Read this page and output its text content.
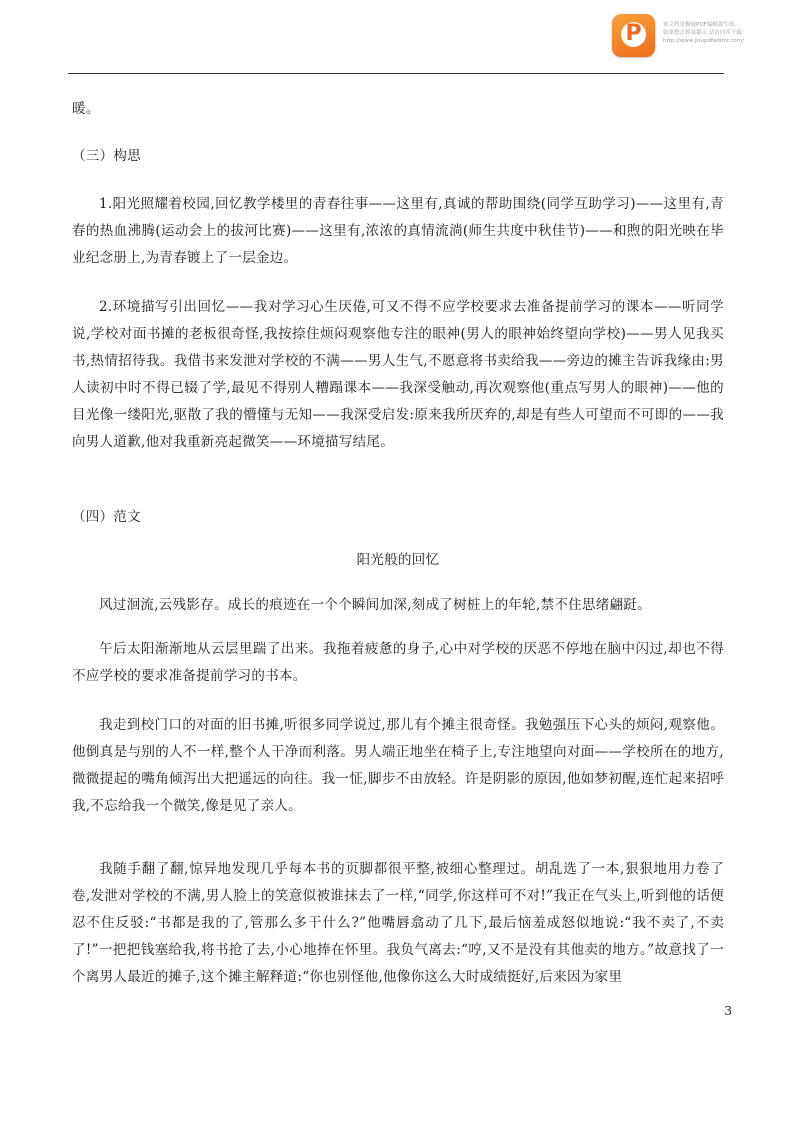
P	该文档是极速PDF编辑器生成,
如果想去掉该提示,请访问并下载:
http://www.jisupdfeditor.com/

暖。

（三）构思

1.阳光照耀着校园,回忆教学楼里的青春往事——这里有,真诚的帮助围绕(同学互助学习)——这里有,青春的热血沸腾(运动会上的拔河比赛)——这里有,浓浓的真情流淌(师生共度中秋佳节)——和煦的阳光映在毕业纪念册上,为青春镀上了一层金边。

2.环境描写引出回忆——我对学习心生厌倦,可又不得不应学校要求去准备提前学习的课本——听同学说,学校对面书摊的老板很奇怪,我按捺住烦闷观察他专注的眼神(男人的眼神始终望向学校)——男人见我买书,热情招待我。我借书来发泄对学校的不满——男人生气,不愿意将书卖给我——旁边的摊主告诉我缘由:男人读初中时不得已辍了学,最见不得别人糟蹋课本——我深受触动,再次观察他(重点写男人的眼神)——他的目光像一缕阳光,驱散了我的懵懂与无知——我深受启发:原来我所厌弃的,却是有些人可望而不可即的——我向男人道歉,他对我重新亮起微笑——环境描写结尾。

（四）范文

阳光般的回忆

风过洄流,云残影存。成长的痕迹在一个个瞬间加深,刻成了树桩上的年轮,禁不住思绪翩跹。

午后太阳渐渐地从云层里踹了出来。我拖着疲惫的身子,心中对学校的厌恶不停地在脑中闪过,却也不得不应学校的要求准备提前学习的书本。

我走到校门口的对面的旧书摊,听很多同学说过,那儿有个摊主很奇怪。我勉强压下心头的烦闷,观察他。他倒真是与别的人不一样,整个人干净而利落。男人端正地坐在椅子上,专注地望向对面——学校所在的地方,微微提起的嘴角倾泻出大把遥远的向往。我一怔,脚步不由放轻。许是阴影的原因,他如梦初醒,连忙起来招呼我,不忘给我一个微笑,像是见了亲人。

我随手翻了翻,惊异地发现几乎每本书的页脚都很平整,被细心整理过。胡乱选了一本,狠狠地用力卷了卷,发泄对学校的不满,男人脸上的笑意似被谁抹去了一样,“同学,你这样可不对!”我正在气头上,听到他的话便忍不住反驳:“书都是我的了,管那么多干什么?”他嘴唇翕动了几下,最后恼羞成怒似地说:“我不卖了,不卖了!”一把把钱塞给我,将书抢了去,小心地捧在怀里。我负气离去:“哼,又不是没有其他卖的地方。”故意找了一个离男人最近的摊子,这个摊主解释道:“你也别怪他,他像你这么大时成绩挺好,后来因为家里

3
